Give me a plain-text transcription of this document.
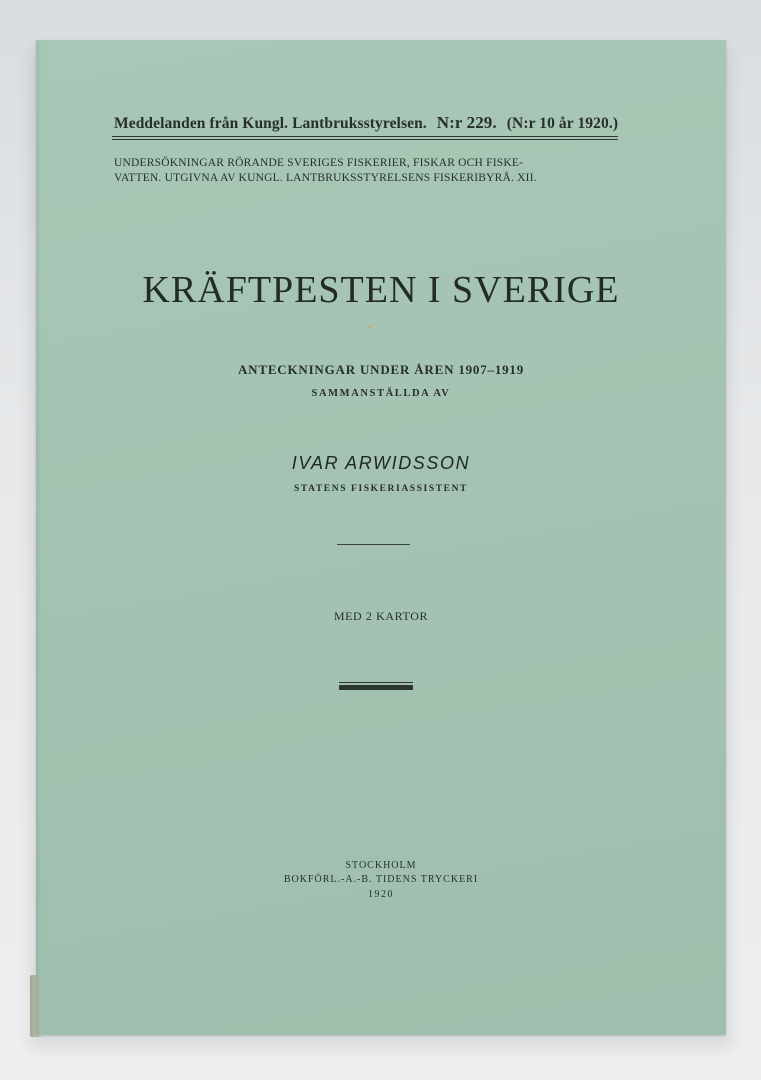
Meddelanden från Kungl. Lantbruksstyrelsen. N:r 229. (N:r 10 år 1920.)
UNDERSÖKNINGAR RÖRANDE SVERIGES FISKERIER, FISKAR OCH FISKE-
VATTEN. UTGIVNA AV KUNGL. LANTBRUKSSTYRELSENS FISKERIBYRÅ. XII.
KRÄFTPESTEN I SVERIGE
ANTECKNINGAR UNDER ÅREN 1907–1919
SAMMANSTÄLLDA AV
IVAR ARWIDSSON
STATENS FISKERIASSISTENT
MED 2 KARTOR
STOCKHOLM
BOKFÖRL.-A.-B. TIDENS TRYCKERI
1920
